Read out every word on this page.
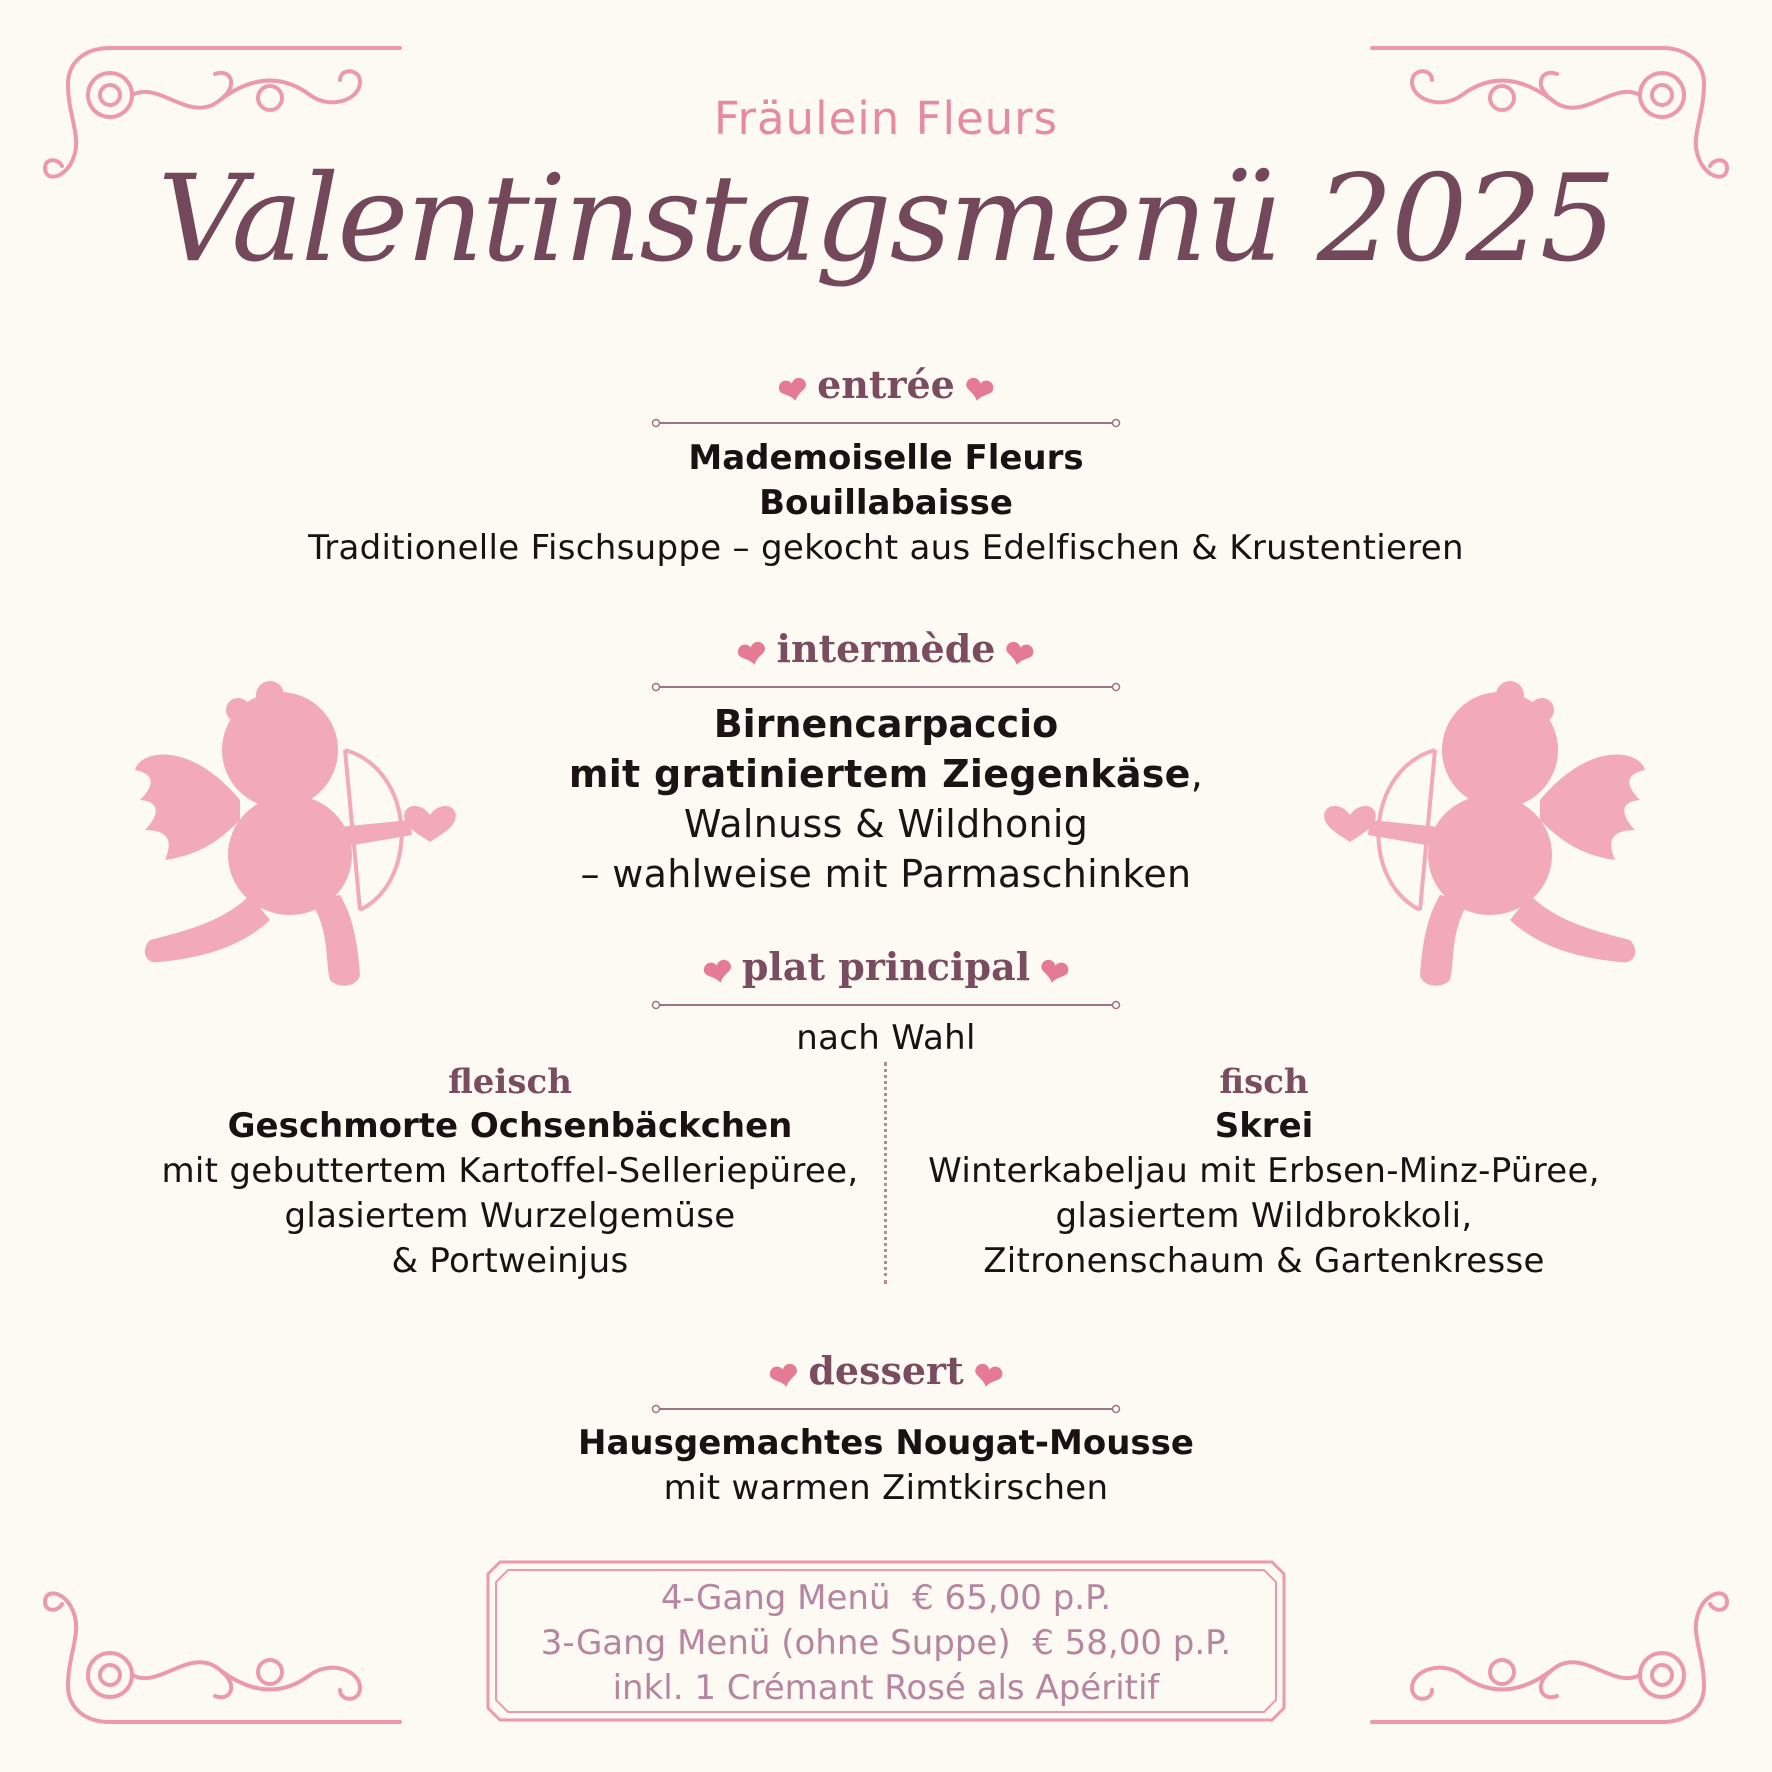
Fräulein Fleurs
Valentinstagsmenü 2025
❤ entrée ❤
Mademoiselle Fleurs
Bouillabaisse
Traditionelle Fischsuppe – gekocht aus Edelfischen & Krustentieren
❤ intermède ❤
Birnencarpaccio
mit gratiniertem Ziegenkäse,
Walnuss & Wildhonig
– wahlweise mit Parmaschinken
❤ plat principal ❤
nach Wahl
fleisch
Geschmorte Ochsenbäckchen
mit gebuttertem Kartoffel-Selleriepüree,
glasiertem Wurzelgemüse
& Portweinjus
fisch
Skrei
Winterkabeljau mit Erbsen-Minz-Püree,
glasiertem Wildbrokkoli,
Zitronenschaum & Gartenkresse
❤ dessert ❤
Hausgemachtes Nougat-Mousse
mit warmen Zimtkirschen
4-Gang Menü  € 65,00 p.P.
3-Gang Menü (ohne Suppe)  € 58,00 p.P.
inkl. 1 Crémant Rosé als Apéritif
